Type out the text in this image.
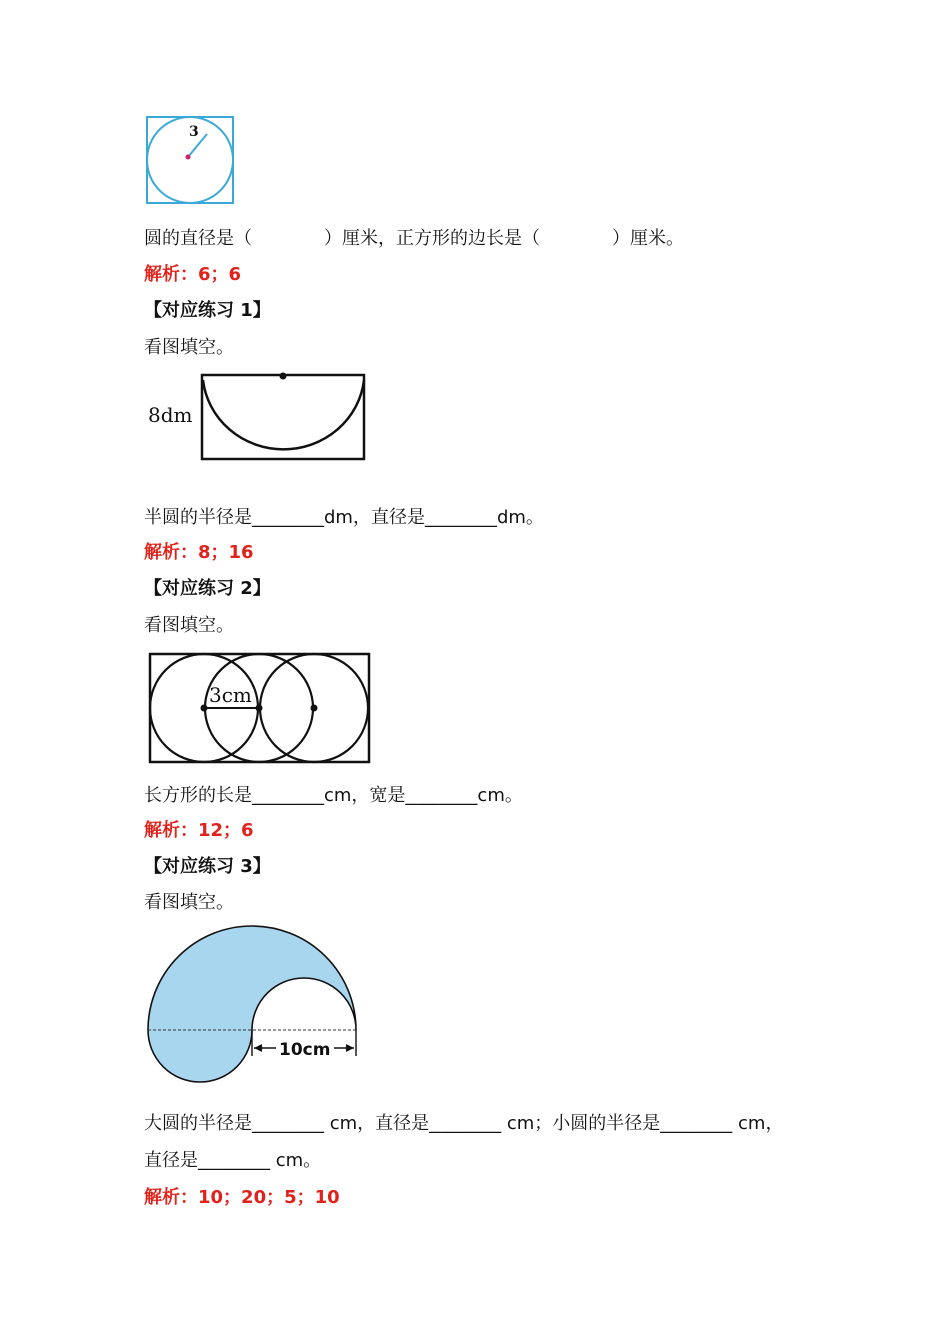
3
圆的直径是（　　　　）厘米，正方形的边长是（　　　　）厘米。
解析：6；6
【对应练习 1】
看图填空。
8dm
半圆的半径是________dm，直径是________dm。
解析：8；16
【对应练习 2】
看图填空。
3cm
长方形的长是________cm，宽是________cm。
解析：12；6
【对应练习 3】
看图填空。
10cm
大圆的半径是________ cm，直径是________ cm；小圆的半径是________ cm，
直径是________ cm。
解析：10；20；5；10
